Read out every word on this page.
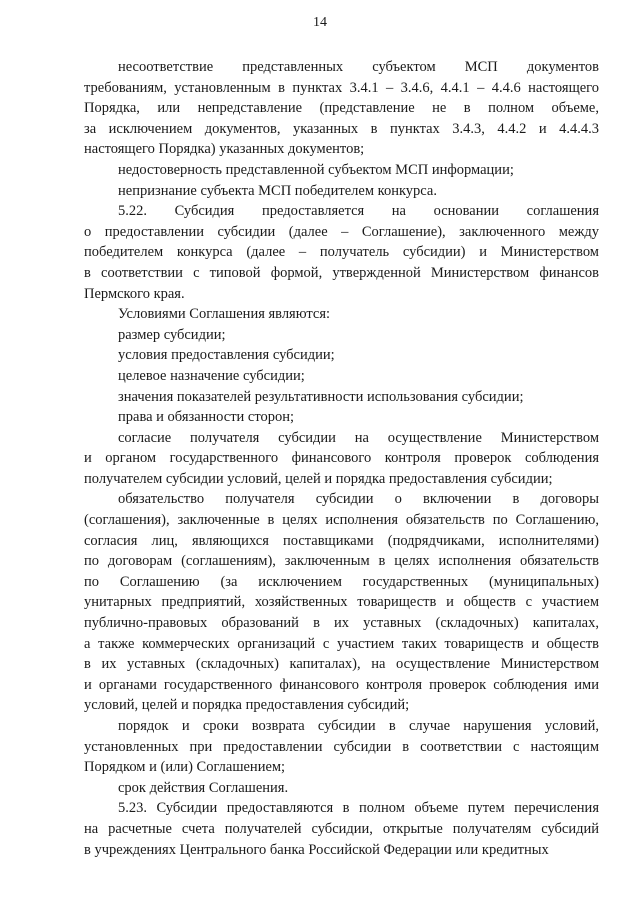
14
несоответствие представленных субъектом МСП документов
требованиям, установленным в пунктах 3.4.1 – 3.4.6, 4.4.1 – 4.4.6 настоящего
Порядка, или непредставление (представление не в полном объеме,
за исключением документов, указанных в пунктах 3.4.3, 4.4.2 и 4.4.4.3
настоящего Порядка) указанных документов;
недостоверность представленной субъектом МСП информации;
непризнание субъекта МСП победителем конкурса.
5.22. Субсидия предоставляется на основании соглашения
о предоставлении субсидии (далее – Соглашение), заключенного между
победителем конкурса (далее – получатель субсидии) и Министерством
в соответствии с типовой формой, утвержденной Министерством финансов
Пермского края.
Условиями Соглашения являются:
размер субсидии;
условия предоставления субсидии;
целевое назначение субсидии;
значения показателей результативности использования субсидии;
права и обязанности сторон;
согласие получателя субсидии на осуществление Министерством
и органом государственного финансового контроля проверок соблюдения
получателем субсидии условий, целей и порядка предоставления субсидии;
обязательство получателя субсидии о включении в договоры
(соглашения), заключенные в целях исполнения обязательств по Соглашению,
согласия лиц, являющихся поставщиками (подрядчиками, исполнителями)
по договорам (соглашениям), заключенным в целях исполнения обязательств
по Соглашению (за исключением государственных (муниципальных)
унитарных предприятий, хозяйственных товариществ и обществ с участием
публично-правовых образований в их уставных (складочных) капиталах,
а также коммерческих организаций с участием таких товариществ и обществ
в их уставных (складочных) капиталах), на осуществление Министерством
и органами государственного финансового контроля проверок соблюдения ими
условий, целей и порядка предоставления субсидий;
порядок и сроки возврата субсидии в случае нарушения условий,
установленных при предоставлении субсидии в соответствии с настоящим
Порядком и (или) Соглашением;
срок действия Соглашения.
5.23. Субсидии предоставляются в полном объеме путем перечисления
на расчетные счета получателей субсидии, открытые получателям субсидий
в учреждениях Центрального банка Российской Федерации или кредитных
